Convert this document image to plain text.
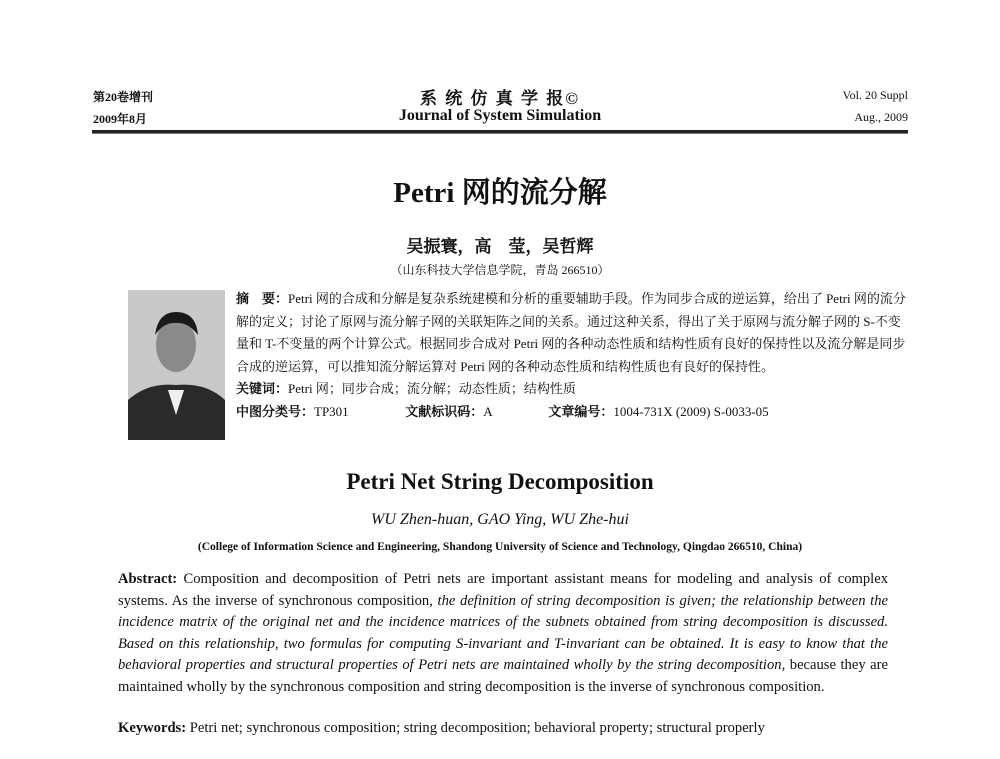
第20卷增刊
2009年8月
系 统 仿 真 学 报©
Journal of System Simulation
Vol. 20 Suppl
Aug., 2009
Petri 网的流分解
吴振寰，高　莹，吴哲辉
（山东科技大学信息学院，青岛 266510）

摘　要：Petri 网的合成和分解是复杂系统建模和分析的重要辅助手段。作为同步合成的逆运算，给出了 Petri 网的流分解的定义；讨论了原网与流分解子网的关联矩阵之间的关系。通过这种关系，得出了关于原网与流分解子网的 S-不变量和 T-不变量的两个计算公式。根据同步合成对 Petri 网的各种动态性质和结构性质有良好的保持性以及流分解是同步合成的逆运算，可以推知流分解运算对 Petri 网的各种动态性质和结构性质也有良好的保持性。

关键词：Petri 网；同步合成；流分解；动态性质；结构性质

中图分类号：TP301	文献标识码：A	文章编号：1004-731X (2009) S-0033-05

Petri Net String Decomposition
WU Zhen-huan, GAO Ying, WU Zhe-hui
(College of Information Science and Engineering, Shandong University of Science and Technology, Qingdao 266510, China)

Abstract: Composition and decomposition of Petri nets are important assistant means for modeling and analysis of complex systems. As the inverse of synchronous composition, the definition of string decomposition is given; the relationship between the incidence matrix of the original net and the incidence matrices of the subnets obtained from string decomposition is discussed. Based on this relationship, two formulas for computing S-invariant and T-invariant can be obtained. It is easy to know that the behavioral properties and structural properties of Petri nets are maintained wholly by the string decomposition, because they are maintained wholly by the synchronous composition and string decomposition is the inverse of synchronous composition.

Keywords: Petri net; synchronous composition; string decomposition; behavioral property; structural properly
